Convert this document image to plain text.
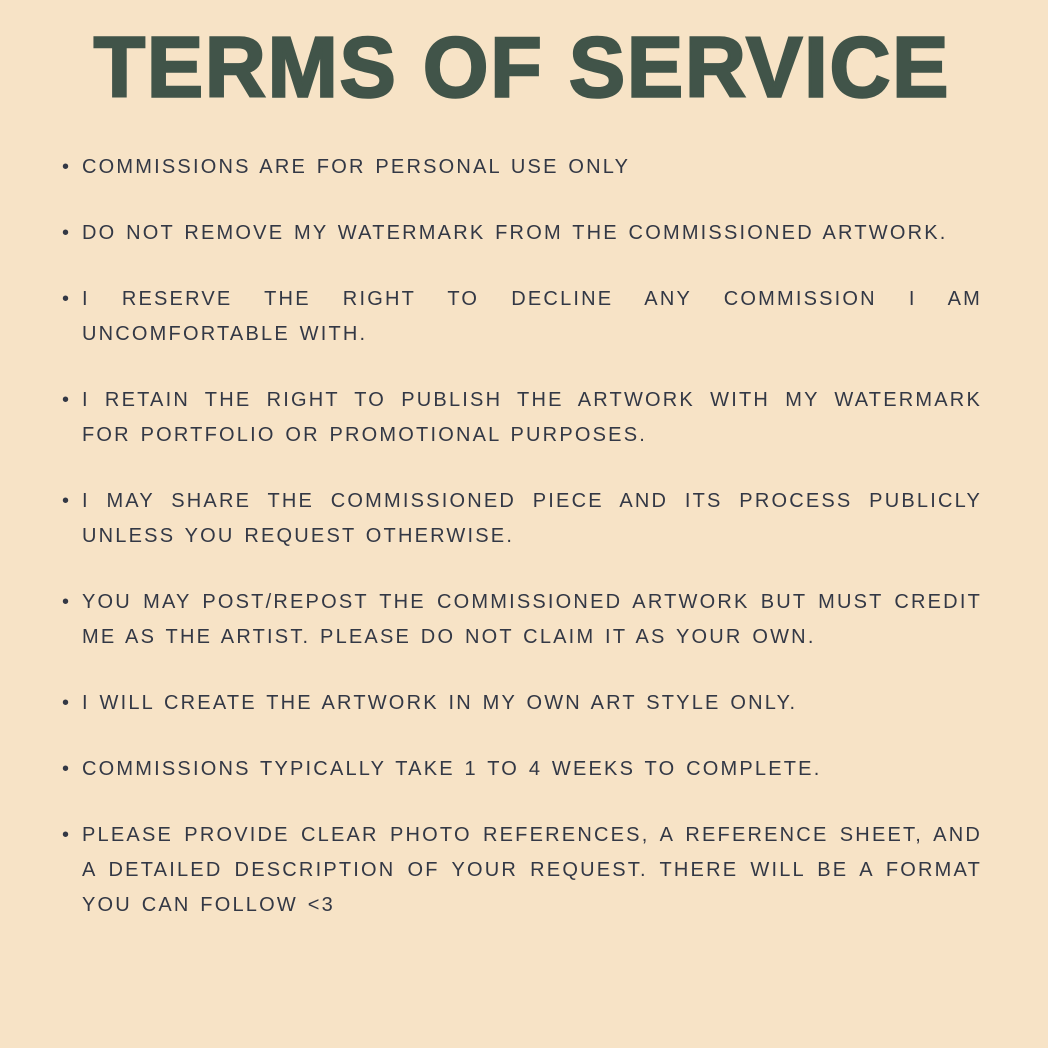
TERMS OF SERVICE
• COMMISSIONS ARE FOR PERSONAL USE ONLY
• DO NOT REMOVE MY WATERMARK FROM THE COMMISSIONED ARTWORK.
• I RESERVE THE RIGHT TO DECLINE ANY COMMISSION I AM UNCOMFORTABLE WITH.
• I RETAIN THE RIGHT TO PUBLISH THE ARTWORK WITH MY WATERMARK FOR PORTFOLIO OR PROMOTIONAL PURPOSES.
• I MAY SHARE THE COMMISSIONED PIECE AND ITS PROCESS PUBLICLY UNLESS YOU REQUEST OTHERWISE.
• YOU MAY POST/REPOST THE COMMISSIONED ARTWORK BUT MUST CREDIT ME AS THE ARTIST. PLEASE DO NOT CLAIM IT AS YOUR OWN.
• I WILL CREATE THE ARTWORK IN MY OWN ART STYLE ONLY.
• COMMISSIONS TYPICALLY TAKE 1 TO 4 WEEKS TO COMPLETE.
• PLEASE PROVIDE CLEAR PHOTO REFERENCES, A REFERENCE SHEET, AND A DETAILED DESCRIPTION OF YOUR REQUEST. THERE WILL BE A FORMAT YOU CAN FOLLOW <3
